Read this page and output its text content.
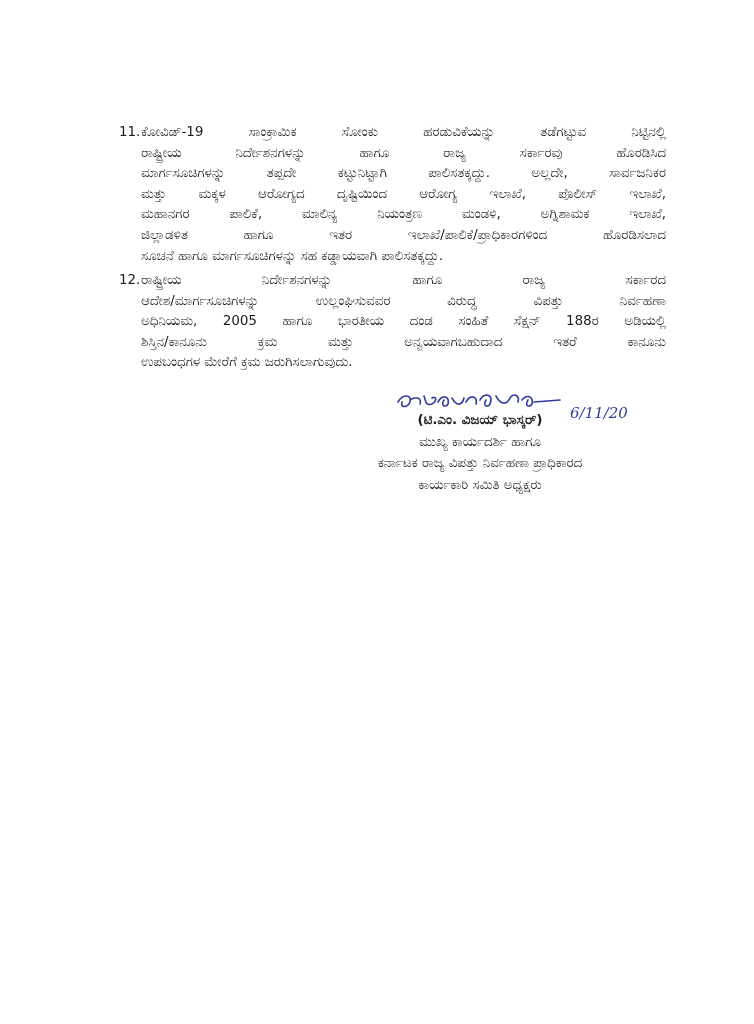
11. ಕೋವಿಡ್-19 ಸಾಂಕ್ರಾಮಿಕ ಸೋಂಕು ಹರಡುವಿಕೆಯನ್ನು ತಡೆಗಟ್ಟುವ ನಿಟ್ಟಿನಲ್ಲಿ
ರಾಷ್ಟ್ರೀಯ ನಿರ್ದೇಶನಗಳನ್ನು ಹಾಗೂ ರಾಜ್ಯ ಸರ್ಕಾರವು ಹೊರಡಿಸಿದ
ಮಾರ್ಗಸೂಚಿಗಳನ್ನು ತಪ್ಪದೇ ಕಟ್ಟುನಿಟ್ಟಾಗಿ ಪಾಲಿಸತಕ್ಕದ್ದು. ಅಲ್ಲದೇ, ಸಾರ್ವಜನಿಕರ
ಮತ್ತು ಮಕ್ಕಳ ಆರೋಗ್ಯದ ದೃಷ್ಟಿಯಿಂದ ಆರೋಗ್ಯ ಇಲಾಖೆ, ಪೊಲೀಸ್ ಇಲಾಖೆ,
ಮಹಾನಗರ ಪಾಲಿಕೆ, ಮಾಲಿನ್ಯ ನಿಯಂತ್ರಣ ಮಂಡಳಿ, ಅಗ್ನಿಶಾಮಕ ಇಲಾಖೆ,
ಜಿಲ್ಲಾಡಳಿತ ಹಾಗೂ ಇತರ ಇಲಾಖೆ/ಪಾಲಿಕೆ/ಪ್ರಾಧಿಕಾರಗಳಿಂದ ಹೊರಡಿಸಲಾದ
ಸೂಚನೆ ಹಾಗೂ ಮಾರ್ಗಸೂಚಿಗಳನ್ನು ಸಹ ಕಡ್ಡಾಯವಾಗಿ ಪಾಲಿಸತಕ್ಕದ್ದು.
12. ರಾಷ್ಟ್ರೀಯ ನಿರ್ದೇಶನಗಳನ್ನು ಹಾಗೂ ರಾಜ್ಯ ಸರ್ಕಾರದ
ಆದೇಶ/ಮಾರ್ಗಸೂಚಿಗಳನ್ನು ಉಲ್ಲಂಘಿಸುವವರ ವಿರುದ್ಧ ವಿಪತ್ತು ನಿರ್ವಹಣಾ
ಅಧಿನಿಯಮ, 2005 ಹಾಗೂ ಭಾರತೀಯ ದಂಡ ಸಂಹಿತೆ ಸೆಕ್ಷನ್ 188ರ ಅಡಿಯಲ್ಲಿ
ಶಿಸ್ತಿನ/ಕಾನೂನು ಕ್ರಮ ಮತ್ತು ಅನ್ವಯವಾಗಬಹುದಾದ ಇತರೆ ಕಾನೂನು
ಉಪಬಂಧಗಳ ಮೇರೆಗೆ ಕ್ರಮ ಜರುಗಿಸಲಾಗುವುದು.
6/11/20
(ಟಿ.ಎಂ. ವಿಜಯ್ ಭಾಸ್ಕರ್)
ಮುಖ್ಯ ಕಾರ್ಯದರ್ಶಿ ಹಾಗೂ
ಕರ್ನಾಟಕ ರಾಜ್ಯ ವಿಪತ್ತು ನಿರ್ವಹಣಾ ಪ್ರಾಧಿಕಾರದ
ಕಾರ್ಯಕಾರಿ ಸಮಿತಿ ಅಧ್ಯಕ್ಷರು
